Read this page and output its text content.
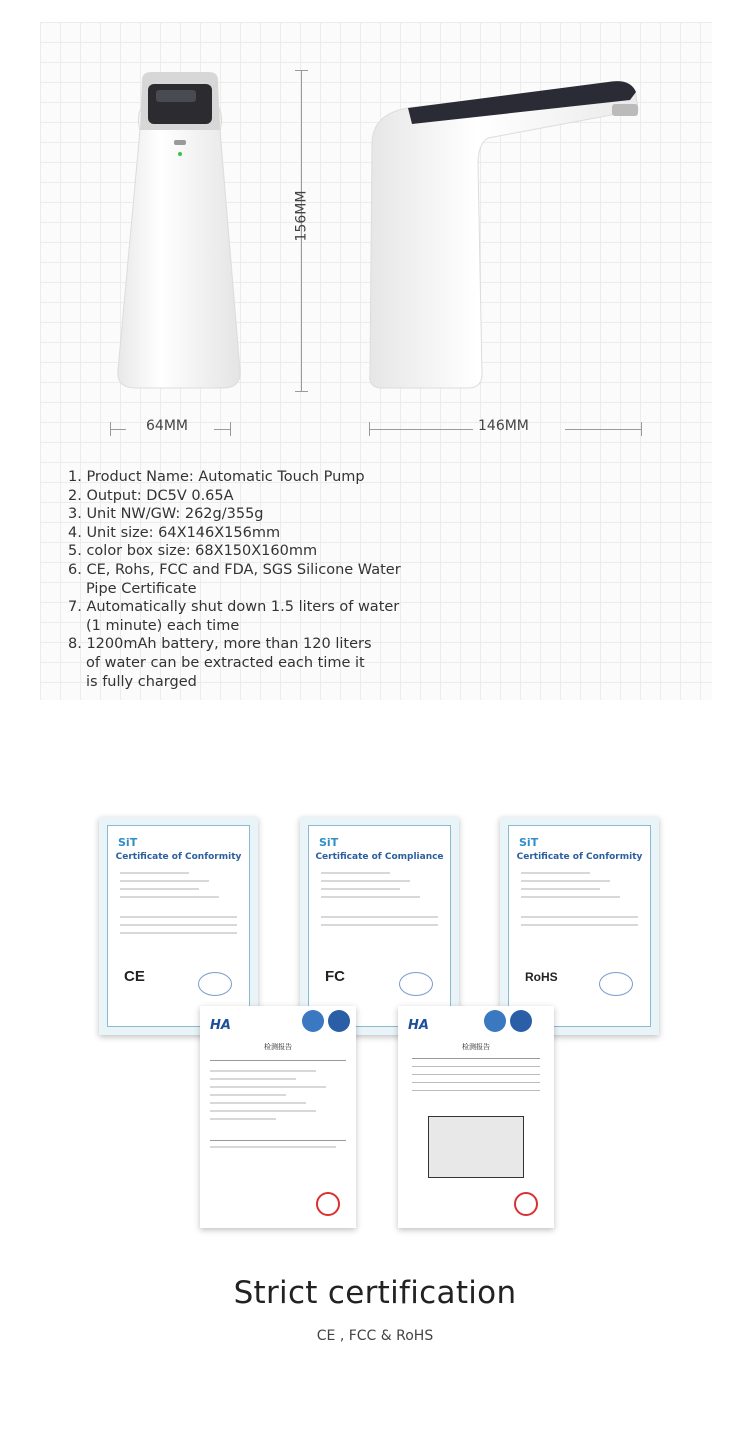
156MM
64MM	146MM
1. Product Name: Automatic Touch Pump
2. Output: DC5V 0.65A
3. Unit NW/GW: 262g/355g
4. Unit size: 64X146X156mm
5. color box size: 68X150X160mm
6. CE, Rohs, FCC and FDA, SGS Silicone Water
Pipe Certificate
7. Automatically shut down 1.5 liters of water
(1 minute) each time
8. 1200mAh battery, more than 120 liters
of water can be extracted each time it
is fully charged
SiT
Certificate of Conformity
CE
SiT
Certificate of Compliance
FC
SiT
Certificate of Conformity
RoHS
HA
检测报告
HA
检测报告
Strict certification
CE , FCC & RoHS
